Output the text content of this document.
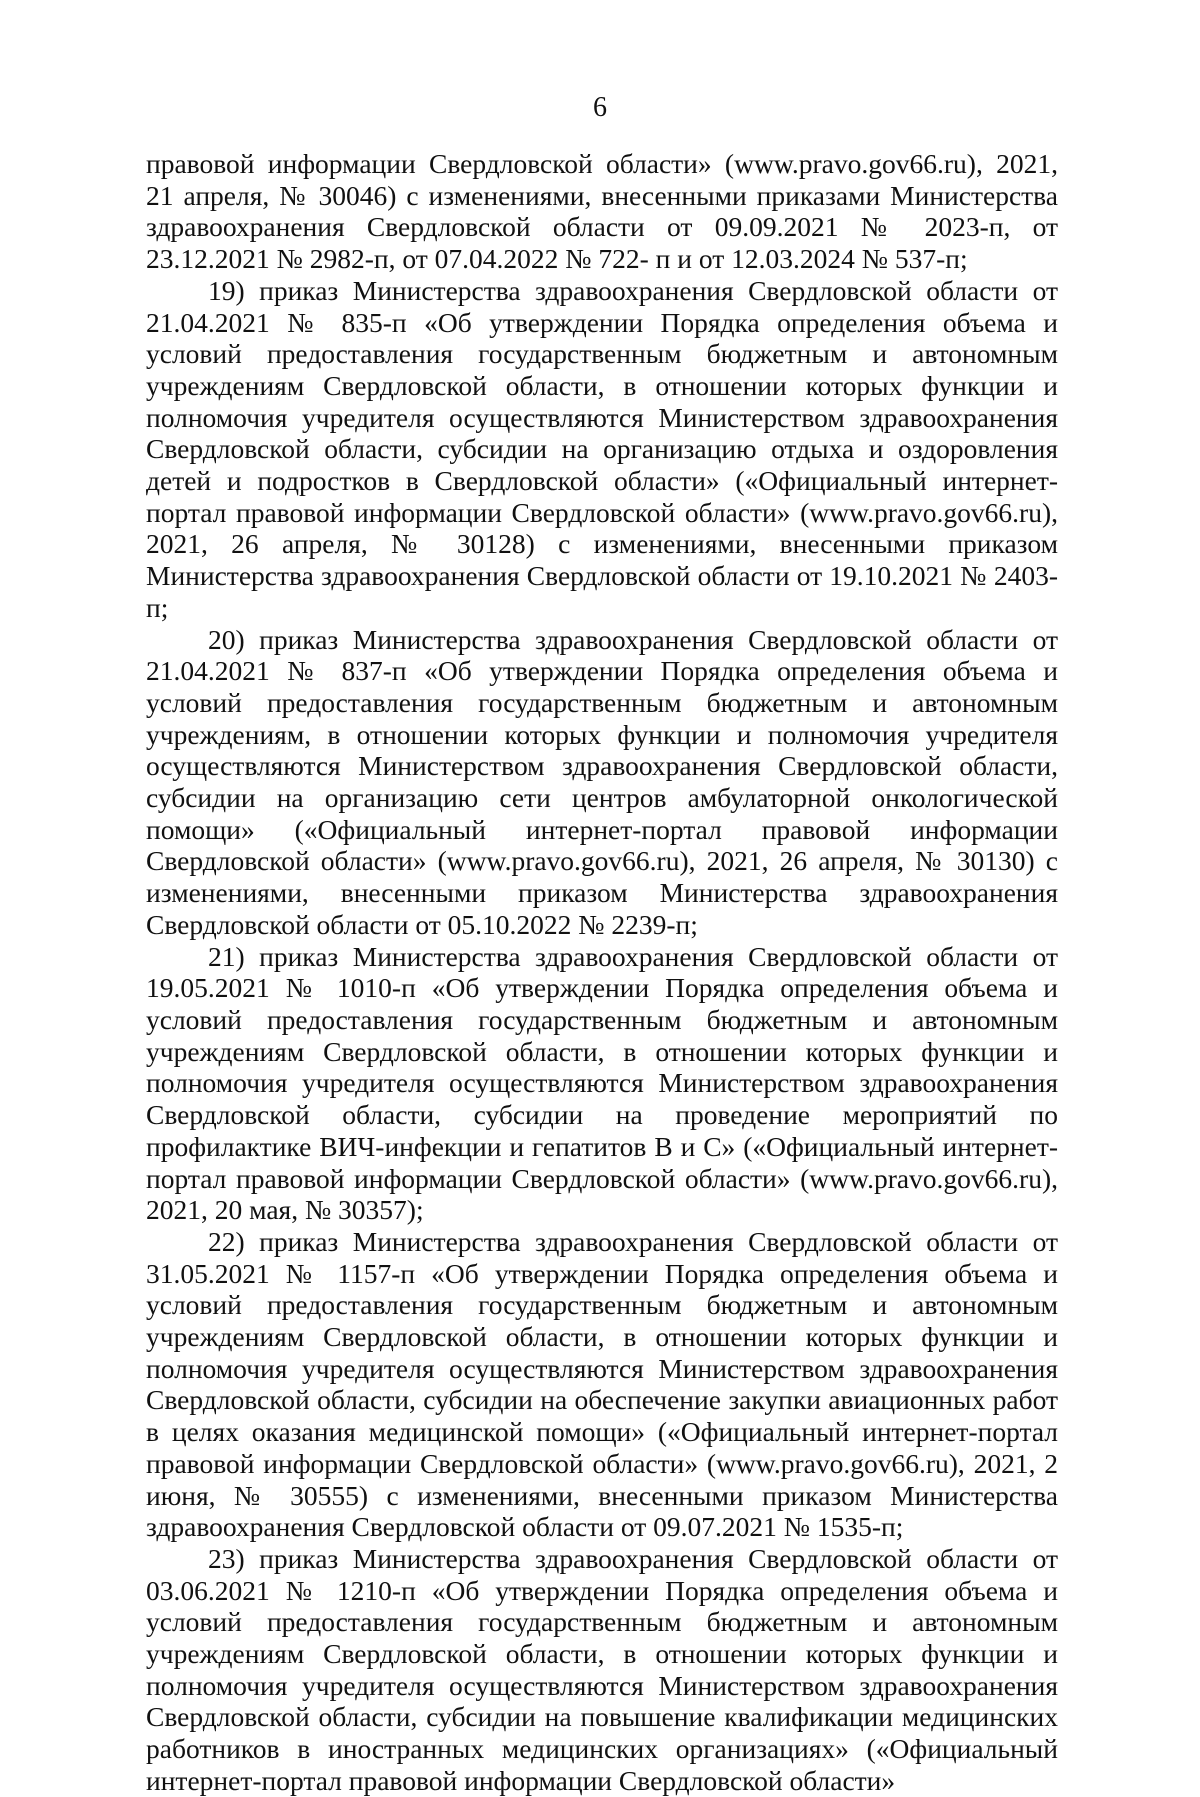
6

правовой информации Свердловской области» (www.pravo.gov66.ru), 2021, 21 апреля, № 30046) с изменениями, внесенными приказами Министерства здравоохранения Свердловской области от 09.09.2021 № 2023-п, от 23.12.2021 № 2982-п, от 07.04.2022 № 722- п и от 12.03.2024 № 537-п;

19) приказ Министерства здравоохранения Свердловской области от 21.04.2021 № 835-п «Об утверждении Порядка определения объема и условий предоставления государственным бюджетным и автономным учреждениям Свердловской области, в отношении которых функции и полномочия учредителя осуществляются Министерством здравоохранения Свердловской области, субсидии на организацию отдыха и оздоровления детей и подростков в Свердловской области» («Официальный интернет-портал правовой информации Свердловской области» (www.pravo.gov66.ru), 2021, 26 апреля, № 30128) с изменениями, внесенными приказом Министерства здравоохранения Свердловской области от 19.10.2021 № 2403-п;

20) приказ Министерства здравоохранения Свердловской области от 21.04.2021 № 837-п «Об утверждении Порядка определения объема и условий предоставления государственным бюджетным и автономным учреждениям, в отношении которых функции и полномочия учредителя осуществляются Министерством здравоохранения Свердловской области, субсидии на организацию сети центров амбулаторной онкологической помощи» («Официальный интернет-портал правовой информации Свердловской области» (www.pravo.gov66.ru), 2021, 26 апреля, № 30130) с изменениями, внесенными приказом Министерства здравоохранения Свердловской области от 05.10.2022 № 2239-п;

21) приказ Министерства здравоохранения Свердловской области от 19.05.2021 № 1010-п «Об утверждении Порядка определения объема и условий предоставления государственным бюджетным и автономным учреждениям Свердловской области, в отношении которых функции и полномочия учредителя осуществляются Министерством здравоохранения Свердловской области, субсидии на проведение мероприятий по профилактике ВИЧ-инфекции и гепатитов В и С» («Официальный интернет-портал правовой информации Свердловской области» (www.pravo.gov66.ru), 2021, 20 мая, № 30357);

22) приказ Министерства здравоохранения Свердловской области от 31.05.2021 № 1157-п «Об утверждении Порядка определения объема и условий предоставления государственным бюджетным и автономным учреждениям Свердловской области, в отношении которых функции и полномочия учредителя осуществляются Министерством здравоохранения Свердловской области, субсидии на обеспечение закупки авиационных работ в целях оказания медицинской помощи» («Официальный интернет-портал правовой информации Свердловской области» (www.pravo.gov66.ru), 2021, 2 июня, № 30555) с изменениями, внесенными приказом Министерства здравоохранения Свердловской области от 09.07.2021 № 1535-п;

23) приказ Министерства здравоохранения Свердловской области от 03.06.2021 № 1210-п «Об утверждении Порядка определения объема и условий предоставления государственным бюджетным и автономным учреждениям Свердловской области, в отношении которых функции и полномочия учредителя осуществляются Министерством здравоохранения Свердловской области, субсидии на повышение квалификации медицинских работников в иностранных медицинских организациях» («Официальный интернет-портал правовой информации Свердловской области»
